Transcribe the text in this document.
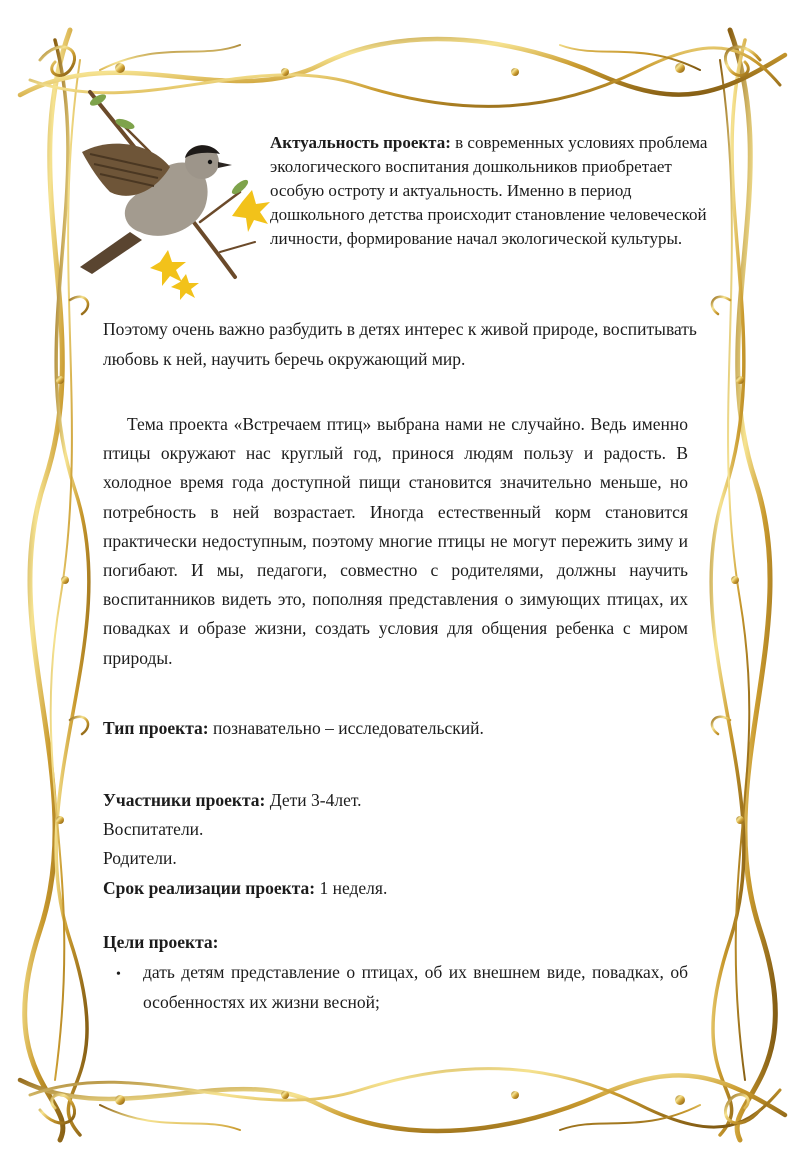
Актуальность проекта: в современных условиях проблема экологического воспитания дошкольников приобретает особую остроту и актуальность. Именно в период дошкольного детства происходит становление человеческой личности, формирование начал экологической культуры.
Поэтому очень важно разбудить в детях интерес к живой природе, воспитывать любовь к ней, научить беречь окружающий мир.
Тема проекта «Встречаем птиц» выбрана нами не случайно. Ведь именно птицы окружают нас круглый год, принося людям пользу и радость. В холодное время года доступной пищи становится значительно меньше, но потребность в ней возрастает. Иногда естественный корм становится практически недоступным, поэтому многие птицы не могут пережить зиму и погибают. И мы, педагоги, совместно с родителями, должны научить воспитанников видеть это, пополняя представления о зимующих птицах, их повадках и образе жизни, создать условия для общения ребенка с миром природы.
Тип проекта: познавательно – исследовательский.
Участники проекта: Дети 3-4лет.
Воспитатели.
Родители.
Срок реализации проекта: 1 неделя.
Цели проекта:
• дать детям представление о птицах, об их внешнем виде, повадках, об особенностях их жизни весной;
